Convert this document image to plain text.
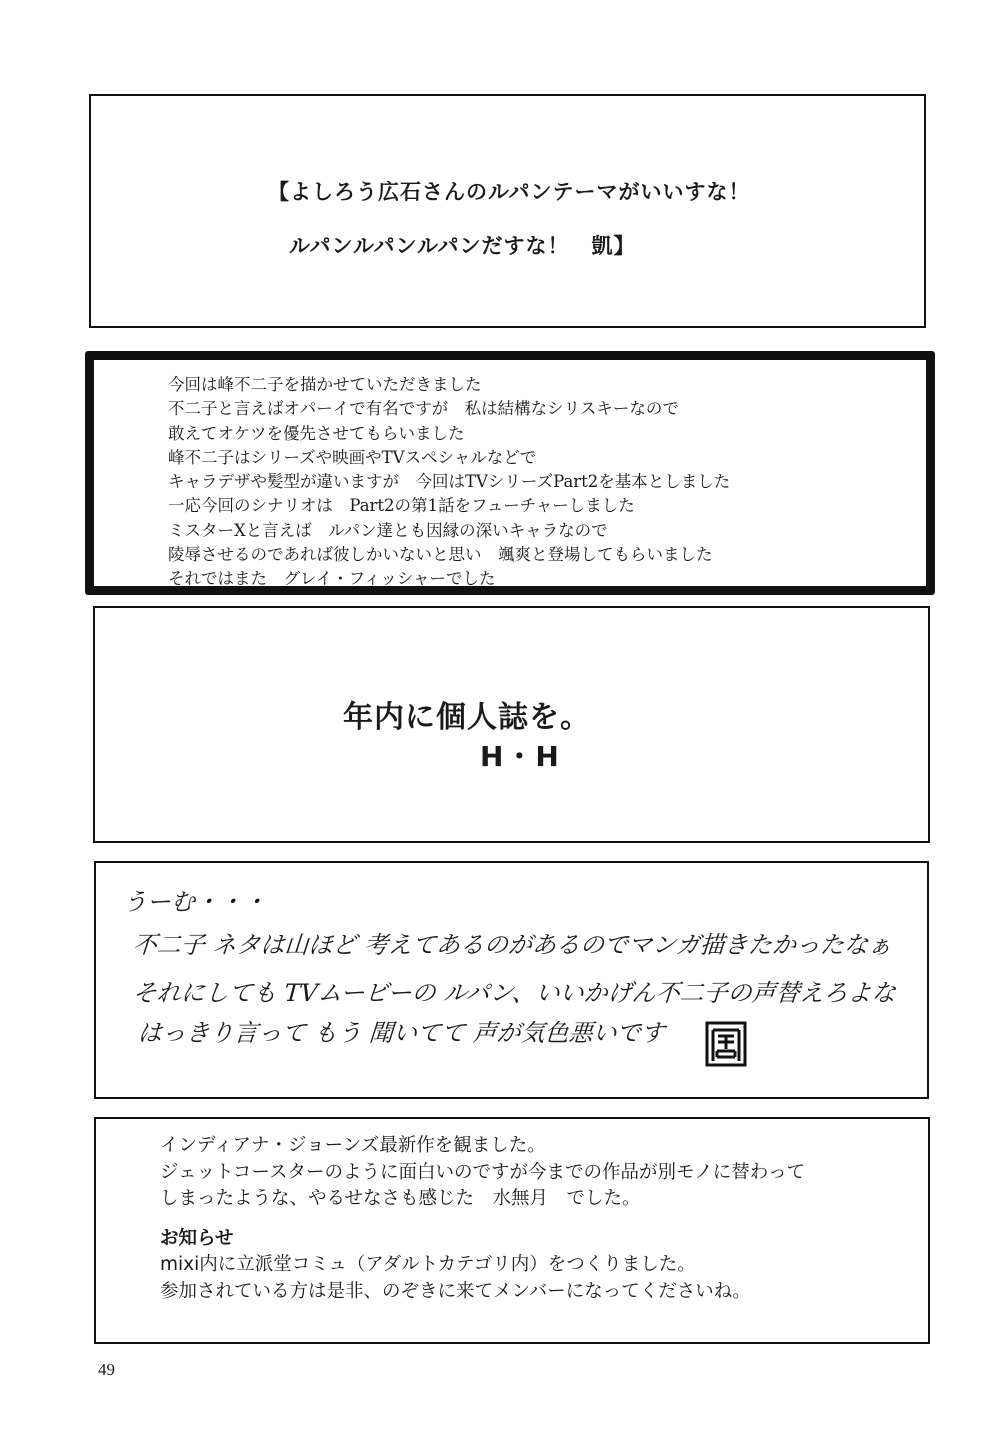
【よしろう広石さんのルパンテーマがいいすな！
ルパンルパンルパンだすな！　凱】
今回は峰不二子を描かせていただきました
不二子と言えばオパーイで有名ですが　私は結構なシリスキーなので
敢えてオケツを優先させてもらいました
峰不二子はシリーズや映画やTVスペシャルなどで
キャラデザや髪型が違いますが　今回はTVシリーズPart2を基本としました
一応今回のシナリオは　Part2の第1話をフューチャーしました
ミスターXと言えば　ルパン達とも因縁の深いキャラなので
陵辱させるのであれば彼しかいないと思い　颯爽と登場してもらいました
それではまた　グレイ・フィッシャーでした
年内に個人誌を。
H・H
うーむ・・・
不二子 ネタは山ほど 考えてあるのがあるのでマンガ描きたかったなぁ
それにしても TVムービーの ルパン、いいかげん不二子の声替えろよな
はっきり言って もう 聞いてて 声が気色悪いです
インディアナ・ジョーンズ最新作を観ました。
ジェットコースターのように面白いのですが今までの作品が別モノに替わって
しまったような、やるせなさも感じた　水無月　でした。
お知らせ
mixi内に立派堂コミュ（アダルトカテゴリ内）をつくりました。
参加されている方は是非、のぞきに来てメンバーになってくださいね。
49
